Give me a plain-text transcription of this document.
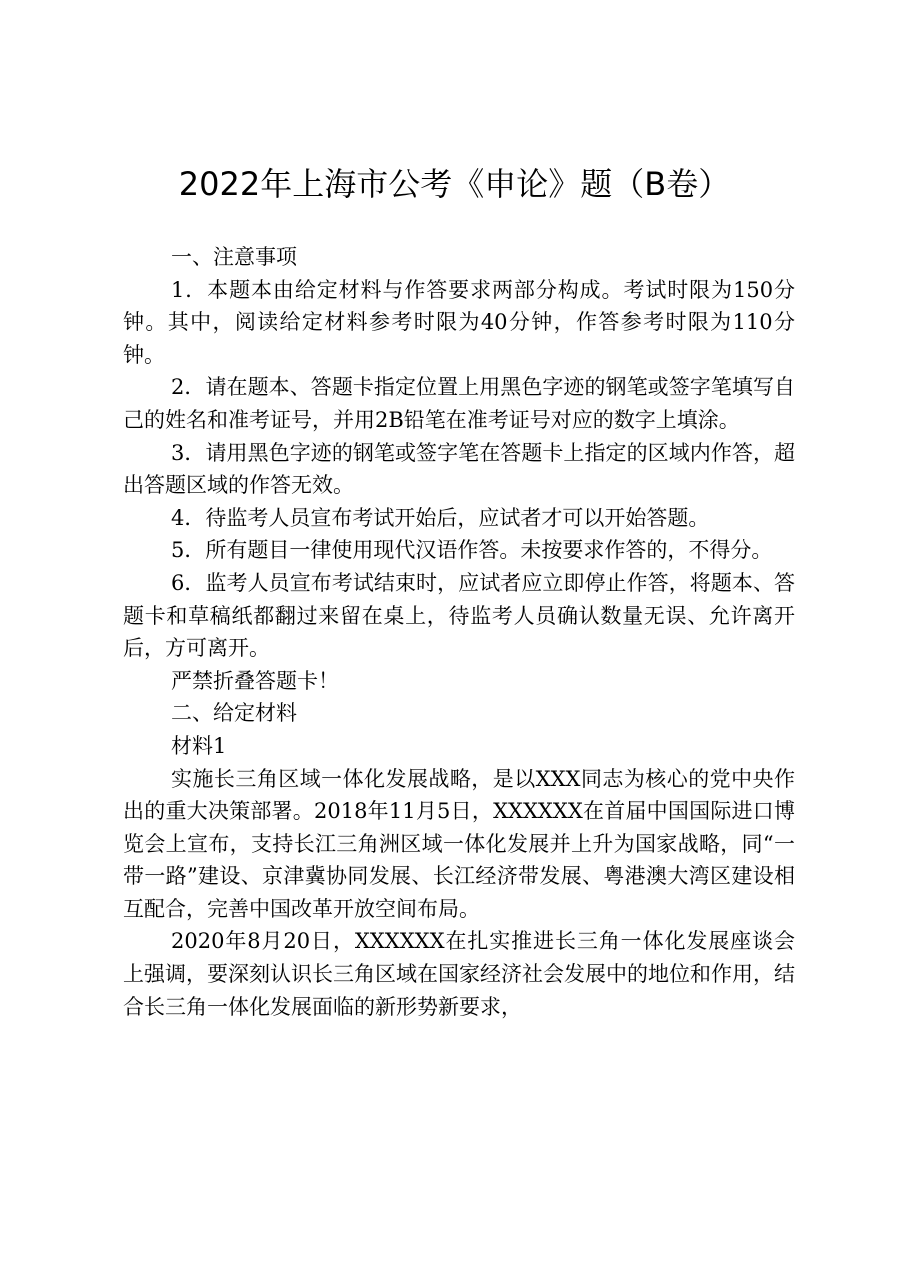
2022年上海市公考《申论》题（B卷）

一、注意事项

1．本题本由给定材料与作答要求两部分构成。考试时限为150分钟。其中，阅读给定材料参考时限为40分钟，作答参考时限为110分钟。

2．请在题本、答题卡指定位置上用黑色字迹的钢笔或签字笔填写自己的姓名和准考证号，并用2B铅笔在准考证号对应的数字上填涂。

3．请用黑色字迹的钢笔或签字笔在答题卡上指定的区域内作答，超出答题区域的作答无效。

4．待监考人员宣布考试开始后，应试者才可以开始答题。

5．所有题目一律使用现代汉语作答。未按要求作答的，不得分。

6．监考人员宣布考试结束时，应试者应立即停止作答，将题本、答题卡和草稿纸都翻过来留在桌上，待监考人员确认数量无误、允许离开后，方可离开。

严禁折叠答题卡！

二、给定材料

材料1

实施长三角区域一体化发展战略，是以XXX同志为核心的党中央作出的重大决策部署。2018年11月5日，XXXXXX在首届中国国际进口博览会上宣布，支持长江三角洲区域一体化发展并上升为国家战略，同“一带一路”建设、京津冀协同发展、长江经济带发展、粤港澳大湾区建设相互配合，完善中国改革开放空间布局。

2020年8月20日，XXXXXX在扎实推进长三角一体化发展座谈会上强调，要深刻认识长三角区域在国家经济社会发展中的地位和作用，结合长三角一体化发展面临的新形势新要求，
